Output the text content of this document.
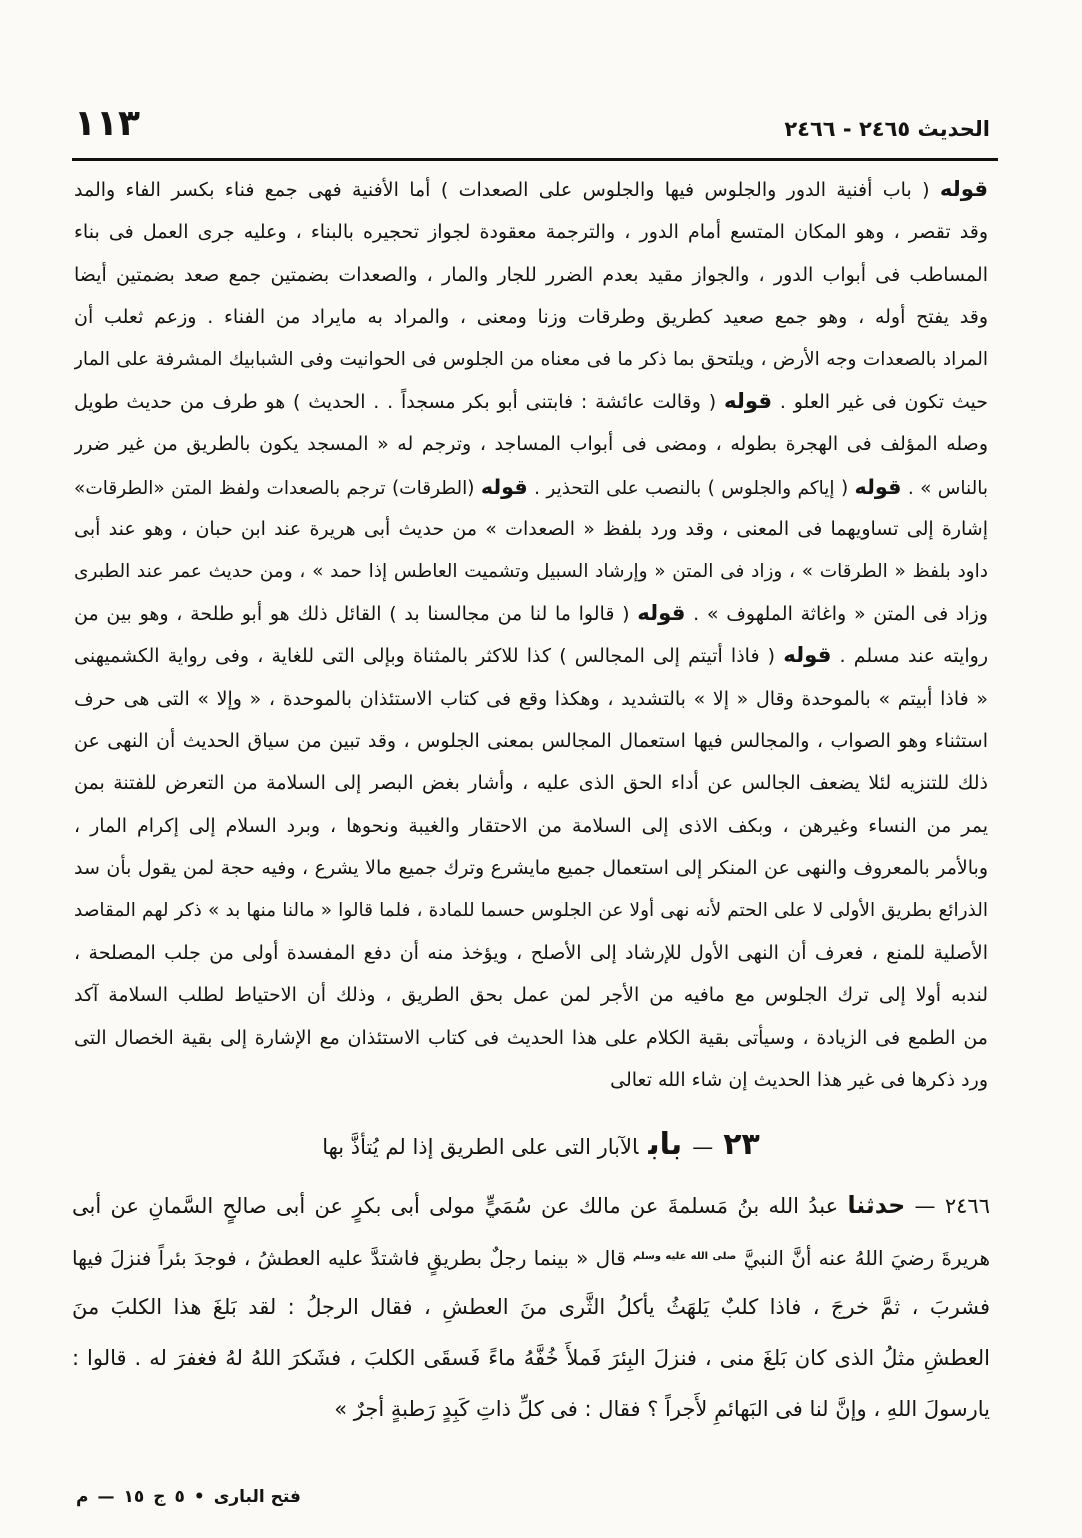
الحديث ٢٤٦٥ - ٢٤٦٦
١١٣
قوله ( باب أفنية الدور والجلوس فيها والجلوس على الصعدات ) أما الأفنية فهى جمع فناء بكسر الفاء والمد
وقد تقصر ، وهو المكان المتسع أمام الدور ، والترجمة معقودة لجواز تحجيره بالبناء ، وعليه جرى العمل فى بناء
المساطب فى أبواب الدور ، والجواز مقيد بعدم الضرر للجار والمار ، والصعدات بضمتين جمع صعد بضمتين أيضا
وقد يفتح أوله ، وهو جمع صعيد كطريق وطرقات وزنا ومعنى ، والمراد به مايراد من الفناء . وزعم ثعلب أن
المراد بالصعدات وجه الأرض ، ويلتحق بما ذكر ما فى معناه من الجلوس فى الحوانيت وفى الشبابيك المشرفة على المار
حيث تكون فى غير العلو . قوله ( وقالت عائشة : فابتنى أبو بكر مسجداً . . الحديث ) هو طرف من حديث طويل
وصله المؤلف فى الهجرة بطوله ، ومضى فى أبواب المساجد ، وترجم له « المسجد يكون بالطريق من غير ضرر
بالناس » . قوله ( إياكم والجلوس ) بالنصب على التحذير . قوله (الطرقات) ترجم بالصعدات ولفظ المتن «الطرقات»
إشارة إلى تساويهما فى المعنى ، وقد ورد بلفظ « الصعدات » من حديث أبى هريرة عند ابن حبان ، وهو عند أبى
داود بلفظ « الطرقات » ، وزاد فى المتن « وإرشاد السبيل وتشميت العاطس إذا حمد » ، ومن حديث عمر عند الطبرى
وزاد فى المتن « واغاثة الملهوف » . قوله ( قالوا ما لنا من مجالسنا بد ) القائل ذلك هو أبو طلحة ، وهو بين من
روايته عند مسلم . قوله ( فاذا أتيتم إلى المجالس ) كذا للاكثر بالمثناة وبإلى التى للغاية ، وفى رواية الكشميهنى
« فاذا أبيتم » بالموحدة وقال « إلا » بالتشديد ، وهكذا وقع فى كتاب الاستئذان بالموحدة ، « وإلا » التى هى حرف
استثناء وهو الصواب ، والمجالس فيها استعمال المجالس بمعنى الجلوس ، وقد تبين من سياق الحديث أن النهى عن
ذلك للتنزيه لئلا يضعف الجالس عن أداء الحق الذى عليه ، وأشار بغض البصر إلى السلامة من التعرض للفتنة بمن
يمر من النساء وغيرهن ، وبكف الاذى إلى السلامة من الاحتقار والغيبة ونحوها ، وبرد السلام إلى إكرام المار ،
وبالأمر بالمعروف والنهى عن المنكر إلى استعمال جميع مايشرع وترك جميع مالا يشرع ، وفيه حجة لمن يقول بأن سد
الذرائع بطريق الأولى لا على الحتم لأنه نهى أولا عن الجلوس حسما للمادة ، فلما قالوا « مالنا منها بد » ذكر لهم المقاصد
الأصلية للمنع ، فعرف أن النهى الأول للإرشاد إلى الأصلح ، ويؤخذ منه أن دفع المفسدة أولى من جلب المصلحة ،
لندبه أولا إلى ترك الجلوس مع مافيه من الأجر لمن عمل بحق الطريق ، وذلك أن الاحتياط لطلب السلامة آكد
من الطمع فى الزيادة ، وسيأتى بقية الكلام على هذا الحديث فى كتاب الاستئذان مع الإشارة إلى بقية الخصال التى
ورد ذكرها فى غير هذا الحديث إن شاء الله تعالى
٢٣—بابالآبار التى على الطريق إذا لم يُتأذَّ بها
٢٤٦٦ — حدثنا عبدُ الله بنُ مَسلمةَ عن مالك عن سُمَيٍّ مولى أبى بكرٍ عن أبى صالحٍ السَّمانِ عن أبى
هريرةَ رضيَ اللهُ عنه أنَّ النبيَّ $^{صلى الله عليه وسلم}$ قال « بينما رجلٌ بطريقٍ فاشتدَّ عليه العطشُ ، فوجدَ بئراً فنزلَ فيها
فشربَ ، ثمَّ خرجَ ، فاذا كلبٌ يَلهَثُ يأكلُ الثَّرى منَ العطشِ ، فقال الرجلُ : لقد بَلغَ هذا الكلبَ منَ
العطشِ مثلُ الذى كان بَلغَ منى ، فنزلَ البِئرَ فَملأَ خُفَّهُ ماءً فَسقَى الكلبَ ، فشَكرَ اللهُ لهُ فغفرَ له . قالوا :
يارسولَ اللهِ ، وإنَّ لنا فى البَهائمِ لأَجراً ؟ فقال : فى كلِّ ذاتِ كَبِدٍ رَطبةٍ أجرٌ »
م — ١٥ ج ٥ • فتح البارى
